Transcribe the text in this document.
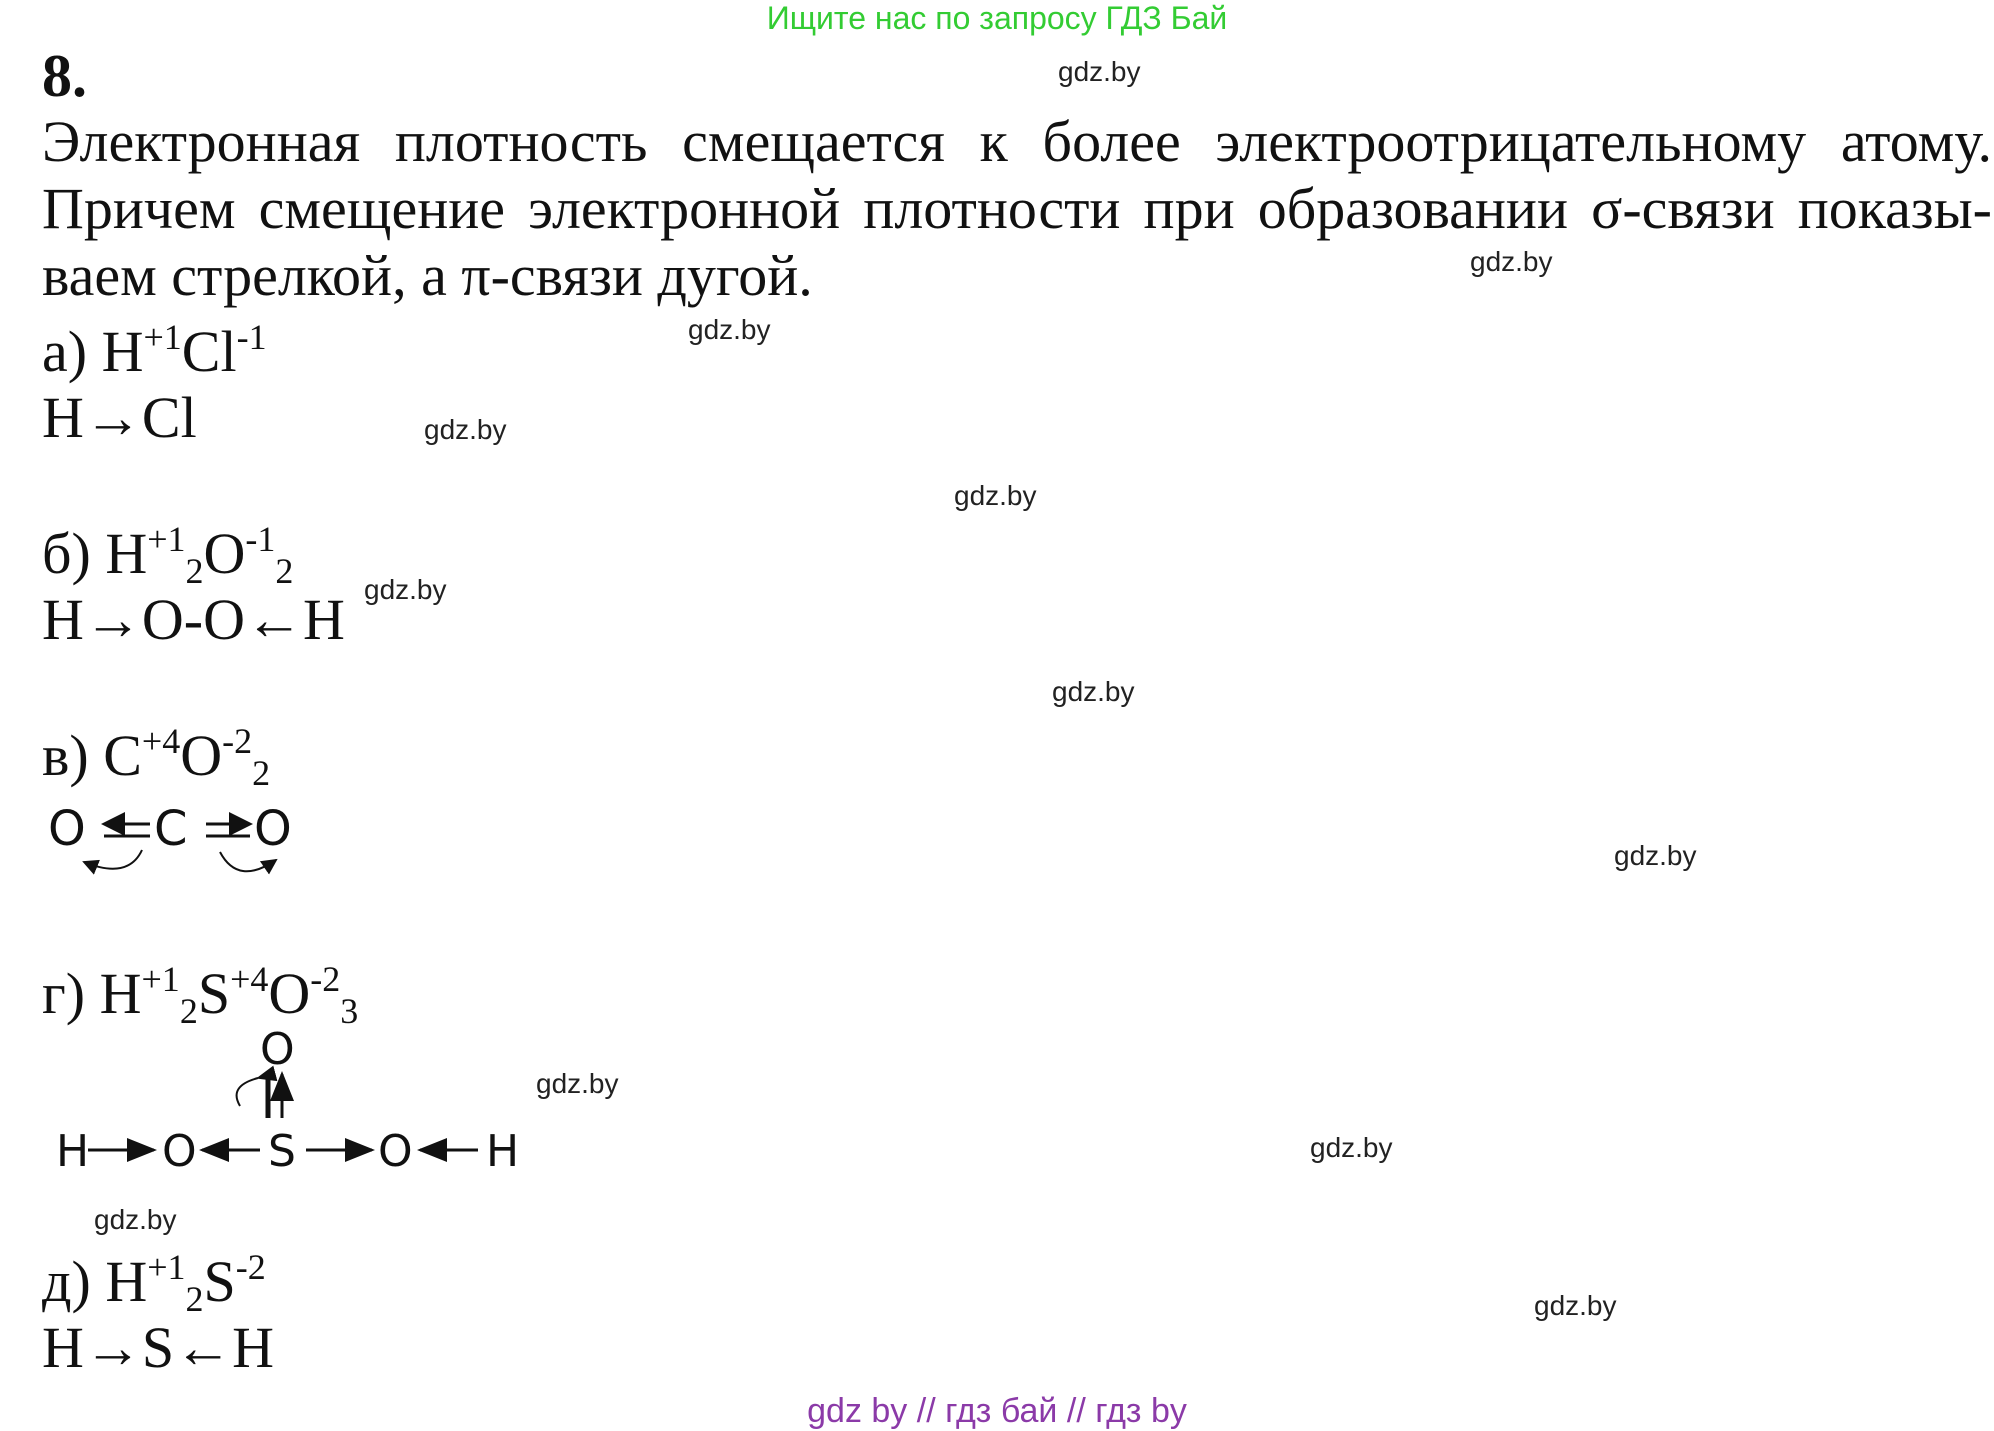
Ищите нас по запросу ГДЗ Бай
8.
Электронная плотность смещается к более электроотрицательному атому.
Причем смещение электронной плотности при образовании σ-связи показы-
ваем стрелкой, а π-связи дугой.
а) $H^{+1}Cl^{-1}$
H→Cl
б) $H^{+1}_2O^{-1}_2$
H→O-O←H
в) $C^{+4}O^{-2}_2$
O C O
г) $H^{+1}_2S^{+4}O^{-2}_3$
H O S O H
O
д) $H^{+1}_2S^{-2}$
H→S←H
gdz.by
gdz.by
gdz.by
gdz.by
gdz.by
gdz.by
gdz.by
gdz.by
gdz.by
gdz.by
gdz.by
gdz.by
gdz by // гдз бай // гдз by
